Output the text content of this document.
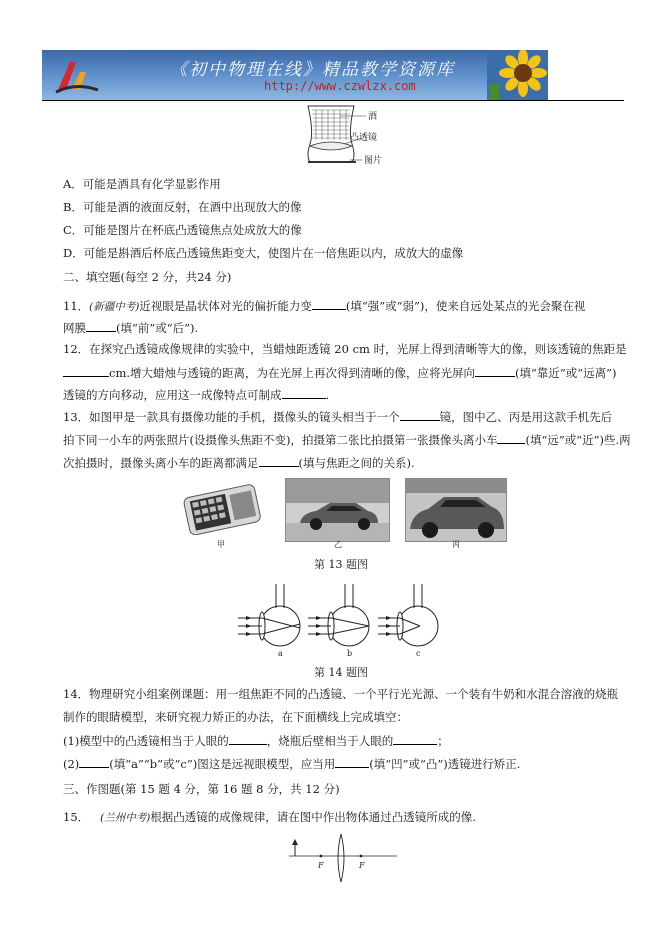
《初中物理在线》精品教学资源库
http://www.czwlzx.com
酒
凸透镜
图片
A．可能是酒具有化学显影作用
B．可能是酒的液面反射，在酒中出现放大的像
C．可能是图片在杯底凸透镜焦点处成放大的像
D．可能是斟酒后杯底凸透镜焦距变大，使图片在一倍焦距以内，成放大的虚像
二、填空题(每空 2 分，共24 分)
11．(新疆中考)近视眼是晶状体对光的偏折能力变	(填“强”或“弱”)，使来自远处某点的光会聚在视
网膜	(填“前”或“后”).
12．在探究凸透镜成像规律的实验中，当蜡烛距透镜 20 cm 时，光屏上得到清晰等大的像，则该透镜的焦距是
cm.增大蜡烛与透镜的距离，为在光屏上再次得到清晰的像，应将光屏向	(填“靠近”或“远离”)
透镜的方向移动，应用这一成像特点可制成	.
13．如图甲是一款具有摄像功能的手机，摄像头的镜头相当于一个	镜，图中乙、丙是用这款手机先后
拍下同一小车的两张照片(设摄像头焦距不变)，拍摄第二张比拍摄第一张摄像头离小车 (填“远”或“近”)些.两
次拍摄时，摄像头离小车的距离都满足	(填与焦距之间的关系).
甲	乙	丙
第 13 题图
a	b	c
第 14 题图
14．物理研究小组案例课题：用一组焦距不同的凸透镜、一个平行光光源、一个装有牛奶和水混合溶液的烧瓶
制作的眼睛模型，来研究视力矫正的办法，在下面横线上完成填空：
(1)模型中的凸透镜相当于人眼的	，烧瓶后壁相当于人眼的	；
(2)	(填“a”“b”或“c”)图这是远视眼模型，应当用	(填“凹”或“凸”)透镜进行矫正.
三、作图题(第 15 题 4 分，第 16 题 8 分，共 12 分)
15． (兰州中考)根据凸透镜的成像规律，请在图中作出物体通过凸透镜所成的像.
F	F
